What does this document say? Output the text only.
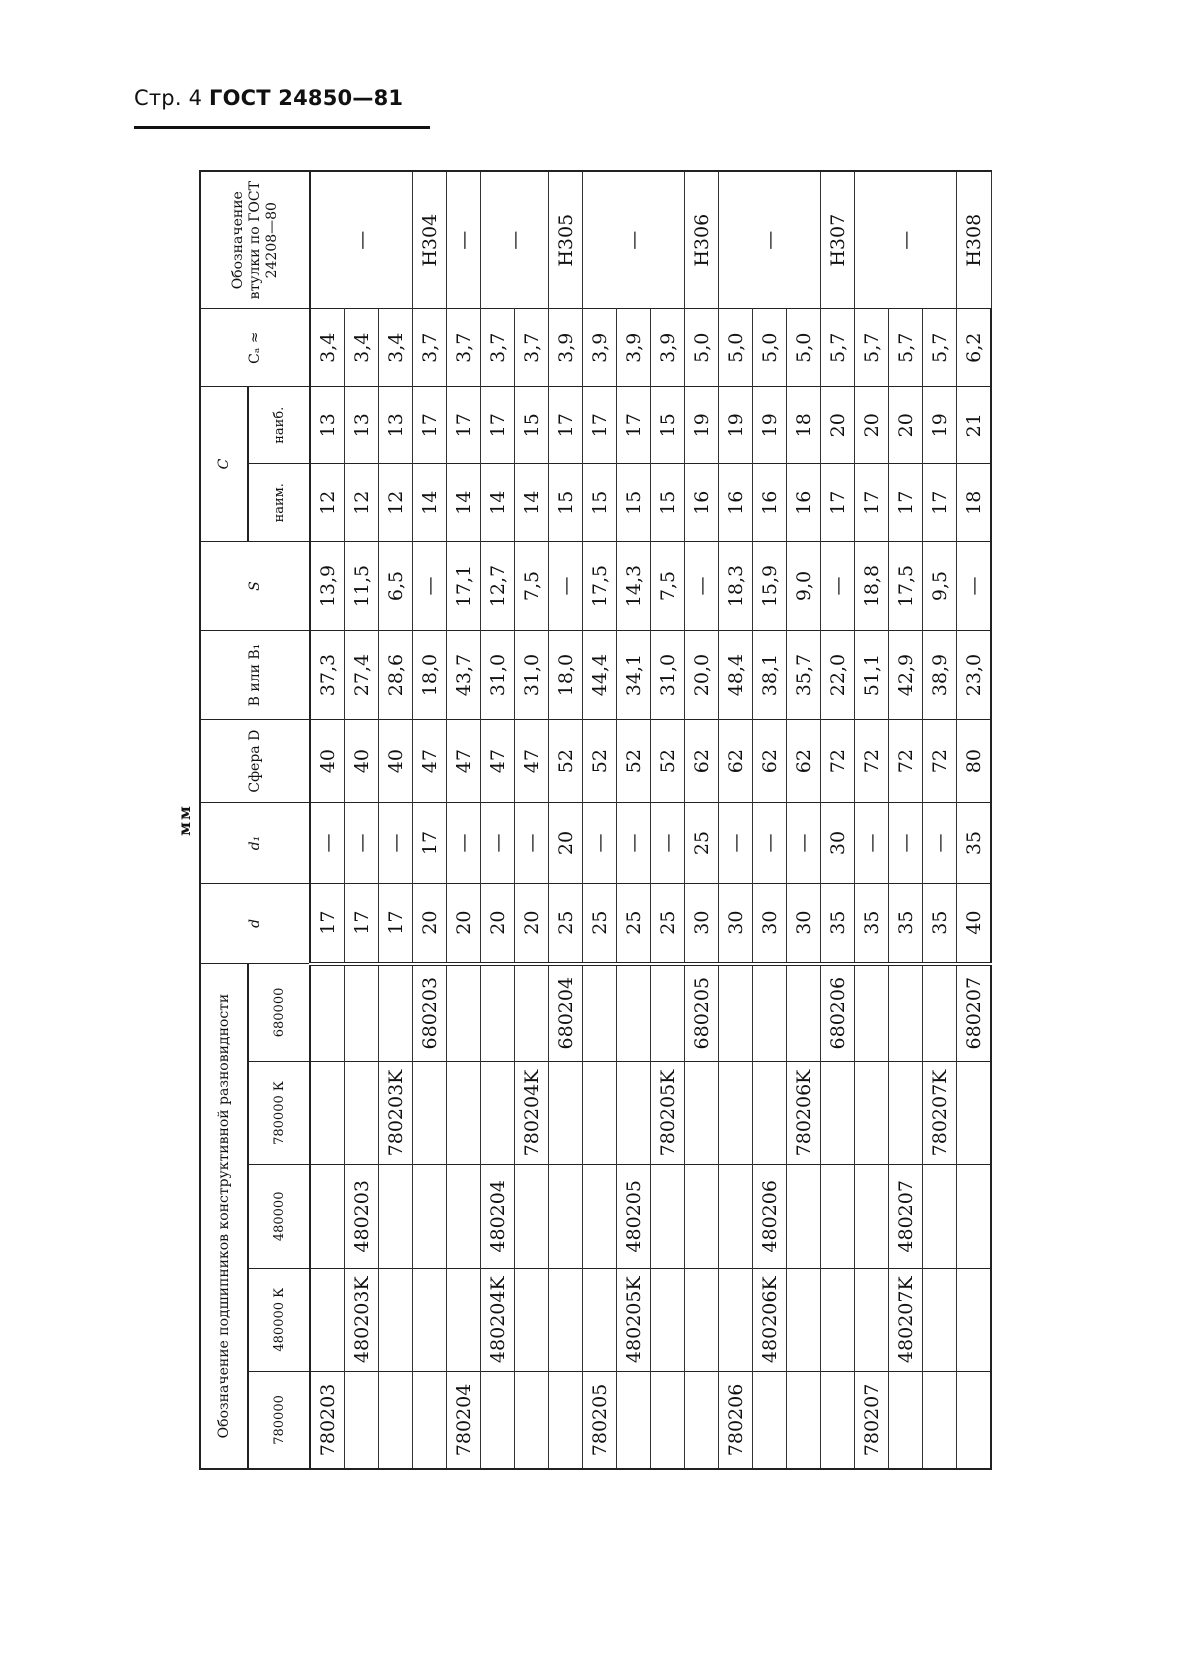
Стр. 4 ГОСТ 24850—81
мм
Обозначение подшипников конструктивной разновидности					d	d₁	Сфера D	B или B₁	S	C		Cₐ ≈	Обозначение втулки по ГОСТ 24208—80
780000	480000 К	480000	780000 К	680000						наим.	наиб.		
780203					17	—	40	37,3	13,9	12	13	3,4	—
	480203K	480203			17	—	40	27,4	11,5	12	13	3,4	
			780203K		17	—	40	28,6	6,5	12	13	3,4	
				680203	20	17	47	18,0	—	14	17	3,7	Н304
780204					20	—	47	43,7	17,1	14	17	3,7	—
	480204K	480204			20	—	47	31,0	12,7	14	17	3,7	—
			780204K		20	—	47	31,0	7,5	14	15	3,7	
				680204	25	20	52	18,0	—	15	17	3,9	Н305
780205					25	—	52	44,4	17,5	15	17	3,9	—
	480205K	480205			25	—	52	34,1	14,3	15	17	3,9	
			780205K		25	—	52	31,0	7,5	15	15	3,9	
				680205	30	25	62	20,0	—	16	19	5,0	Н306
780206					30	—	62	48,4	18,3	16	19	5,0	—
	480206K	480206			30	—	62	38,1	15,9	16	19	5,0	
			780206K		30	—	62	35,7	9,0	16	18	5,0	
				680206	35	30	72	22,0	—	17	20	5,7	Н307
780207					35	—	72	51,1	18,8	17	20	5,7	—
	480207K	480207			35	—	72	42,9	17,5	17	20	5,7	
			780207K		35	—	72	38,9	9,5	17	19	5,7	
				680207	40	35	80	23,0	—	18	21	6,2	Н308
